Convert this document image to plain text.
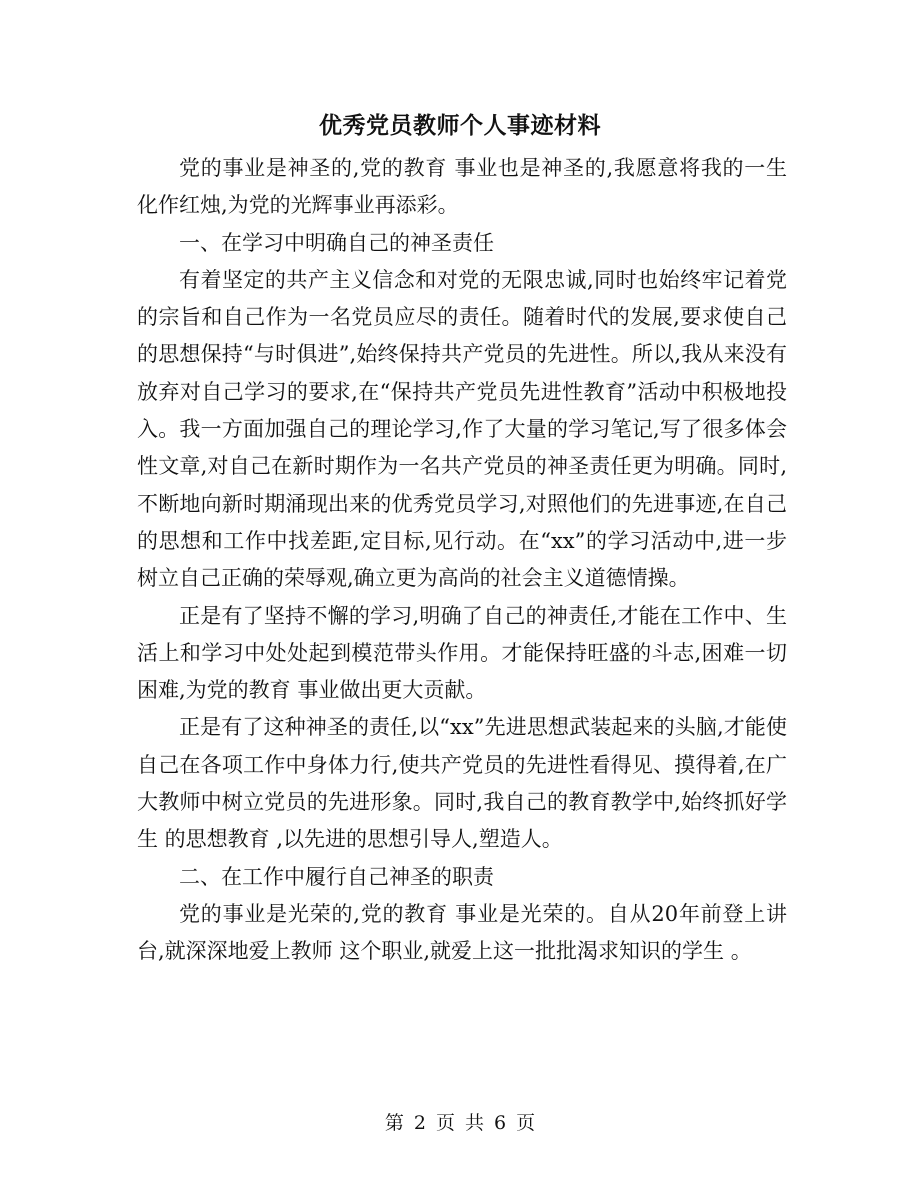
优秀党员教师个人事迹材料

党的事业是神圣的,党的教育 事业也是神圣的,我愿意将我的一生化作红烛,为党的光辉事业再添彩。

一、在学习中明确自己的神圣责任

有着坚定的共产主义信念和对党的无限忠诚,同时也始终牢记着党的宗旨和自己作为一名党员应尽的责任。随着时代的发展,要求使自己的思想保持“与时俱进”,始终保持共产党员的先进性。所以,我从来没有放弃对自己学习的要求,在“保持共产党员先进性教育”活动中积极地投入。我一方面加强自己的理论学习,作了大量的学习笔记,写了很多体会性文章,对自己在新时期作为一名共产党员的神圣责任更为明确。同时,不断地向新时期涌现出来的优秀党员学习,对照他们的先进事迹,在自己的思想和工作中找差距,定目标,见行动。在“xx”的学习活动中,进一步树立自己正确的荣辱观,确立更为高尚的社会主义道德情操。

正是有了坚持不懈的学习,明确了自己的神责任,才能在工作中、生活上和学习中处处起到模范带头作用。才能保持旺盛的斗志,困难一切困难,为党的教育 事业做出更大贡献。

正是有了这种神圣的责任,以“xx”先进思想武装起来的头脑,才能使自己在各项工作中身体力行,使共产党员的先进性看得见、摸得着,在广大教师中树立党员的先进形象。同时,我自己的教育教学中,始终抓好学生 的思想教育 ,以先进的思想引导人,塑造人。

二、在工作中履行自己神圣的职责

党的事业是光荣的,党的教育 事业是光荣的。自从20年前登上讲台,就深深地爱上教师 这个职业,就爱上这一批批渴求知识的学生 。

第 2 页 共 6 页
